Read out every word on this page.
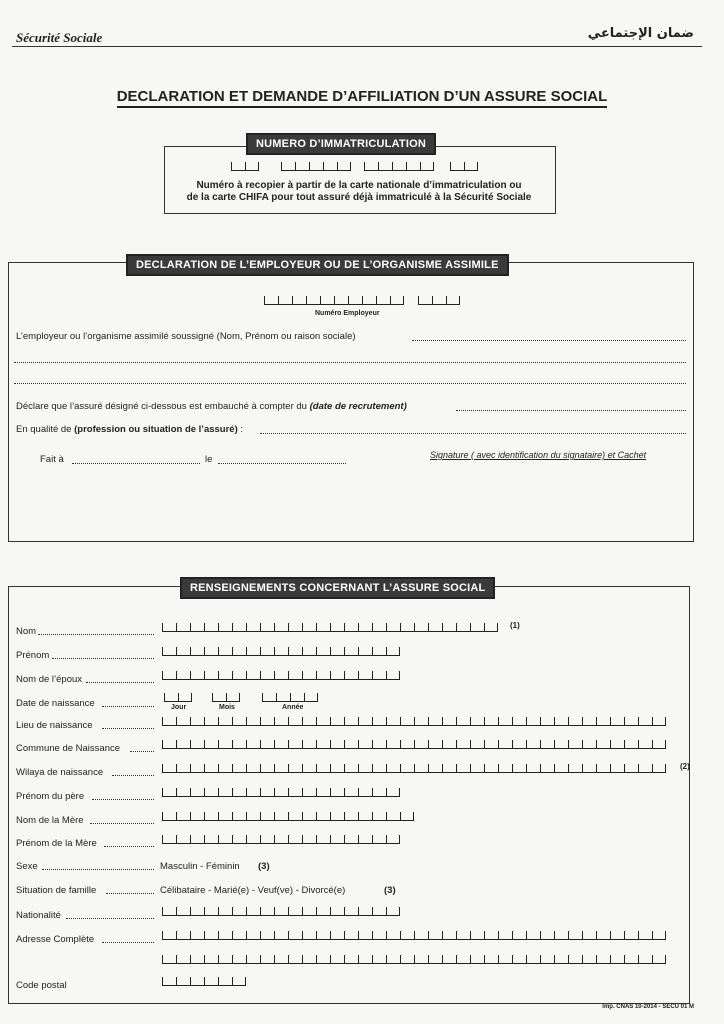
Sécurité Sociale	ضمان الإجتماعي
DECLARATION ET DEMANDE D’AFFILIATION D’UN ASSURE SOCIAL
NUMERO D’IMMATRICULATION
Numéro à recopier à partir de la carte nationale d’immatriculation ou
de la carte CHIFA pour tout assuré déjà immatriculé à la Sécurité Sociale
DECLARATION DE L’EMPLOYEUR OU DE L’ORGANISME ASSIMILE
Numéro Employeur
L’employeur ou l’organisme assimilé soussigné (Nom, Prénom ou raison sociale)
Déclare que l’assuré désigné ci-dessous est embauché à compter du (date de recrutement)
En qualité de (profession ou situation de l’assuré) :
Fait à	le	Signature ( avec identification du signataire) et Cachet
RENSEIGNEMENTS CONCERNANT L’ASSURE SOCIAL
Nom
(1)
Prénom
Nom de l’époux
Date de naissance	Jour	Mois	Année
Lieu de naissance
Commune de Naissance
Wilaya de naissance
(2)
Prénom du père
Nom de la Mère
Prénom de la Mère
Sexe	Masculin - Féminin (3)
Situation de famille	Célibataire - Marié(e) - Veuf(ve) - Divorcé(e)	(3)
Nationalité
Adresse Complète
Code postal
Imp. CNAS 10-2014 - SECU 01 M
